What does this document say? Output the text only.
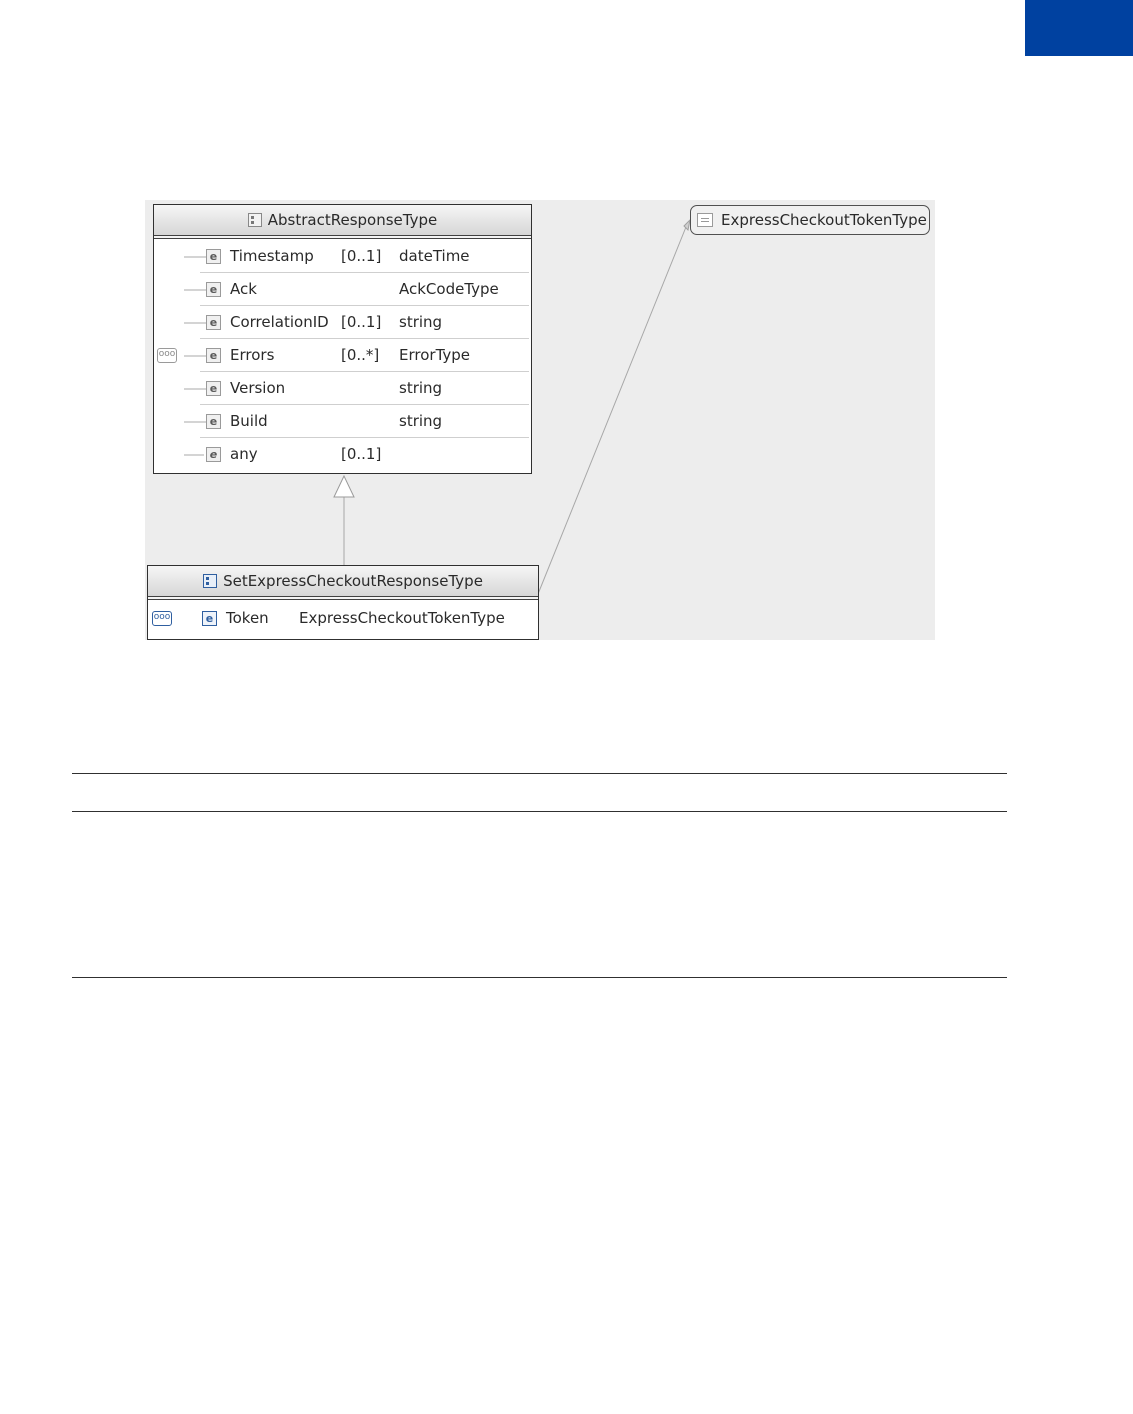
AbstractResponseType
ooo
e Timestamp [0..1] dateTime
e Ack	AckCodeType
e CorrelationID [0..1] string
e Errors	[0..*] ErrorType
e Version	string
e Build	string
e any	[0..1]
SetExpressCheckoutResponseType
ooo	e Token ExpressCheckoutTokenType
ExpressCheckoutTokenType
